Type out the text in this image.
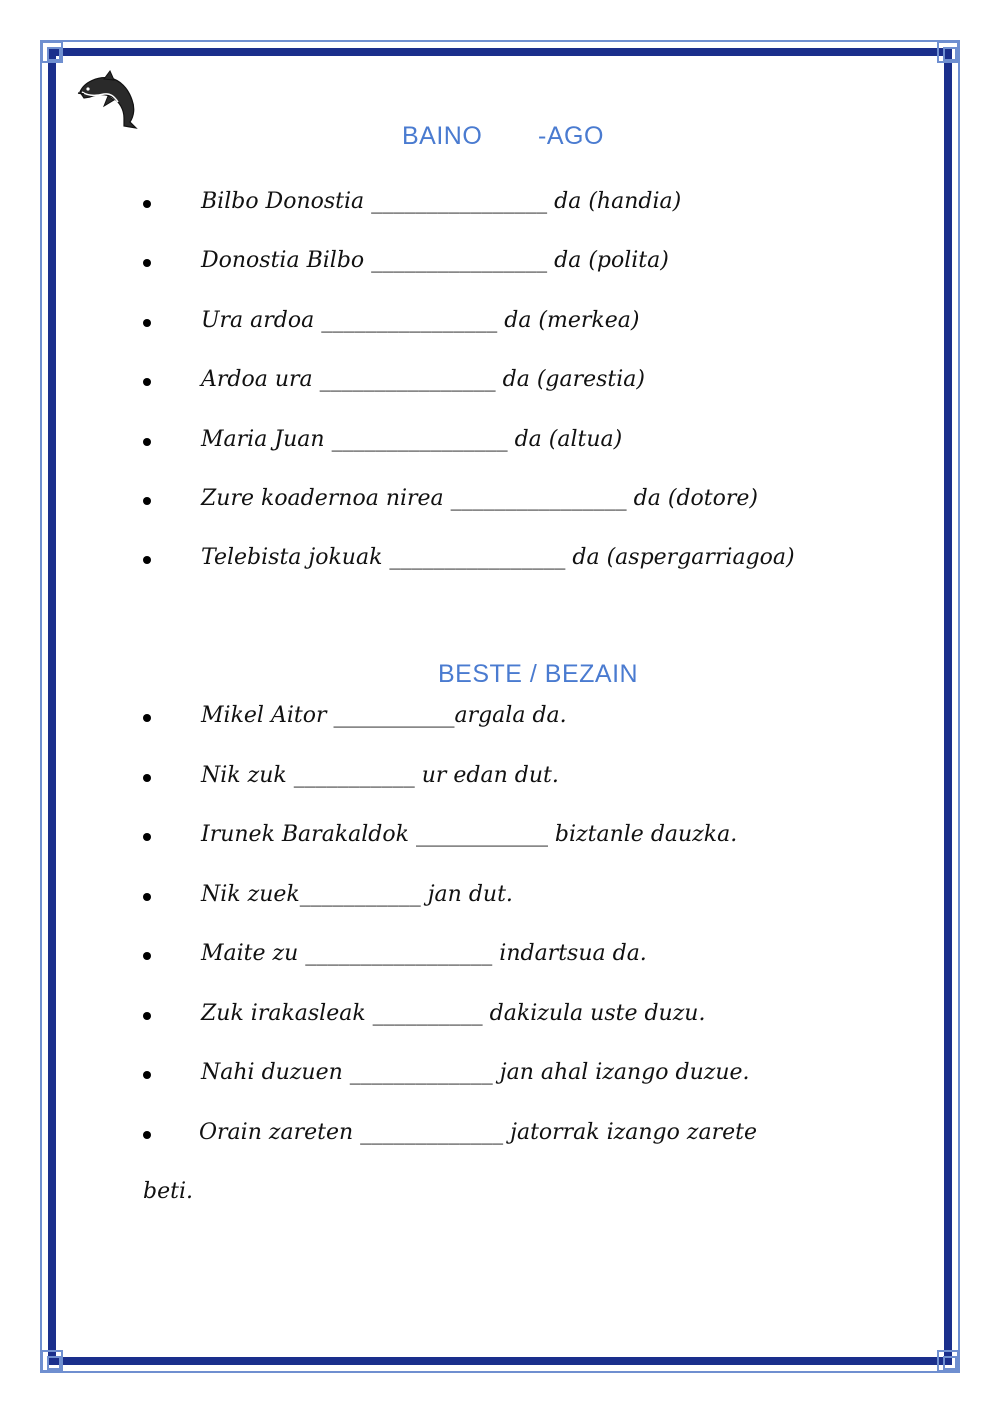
BAINO -AGO
Bilbo Donostia ________________ da (handia)
Donostia Bilbo ________________ da (polita)
Ura ardoa ________________ da (merkea)
Ardoa ura ________________ da (garestia)
Maria Juan ________________ da (altua)
Zure koadernoa nirea ________________ da (dotore)
Telebista jokuak ________________ da (aspergarriagoa)
BESTE / BEZAIN
Mikel Aitor ___________argala da.
Nik zuk ___________ ur edan dut.
Irunek Barakaldok ____________ biztanle dauzka.
Nik zuek___________ jan dut.
Maite zu _________________ indartsua da.
Zuk irakasleak __________ dakizula uste duzu.
Nahi duzuen _____________ jan ahal izango duzue.
Orain zareten _____________ jatorrak izango zarete
beti.
